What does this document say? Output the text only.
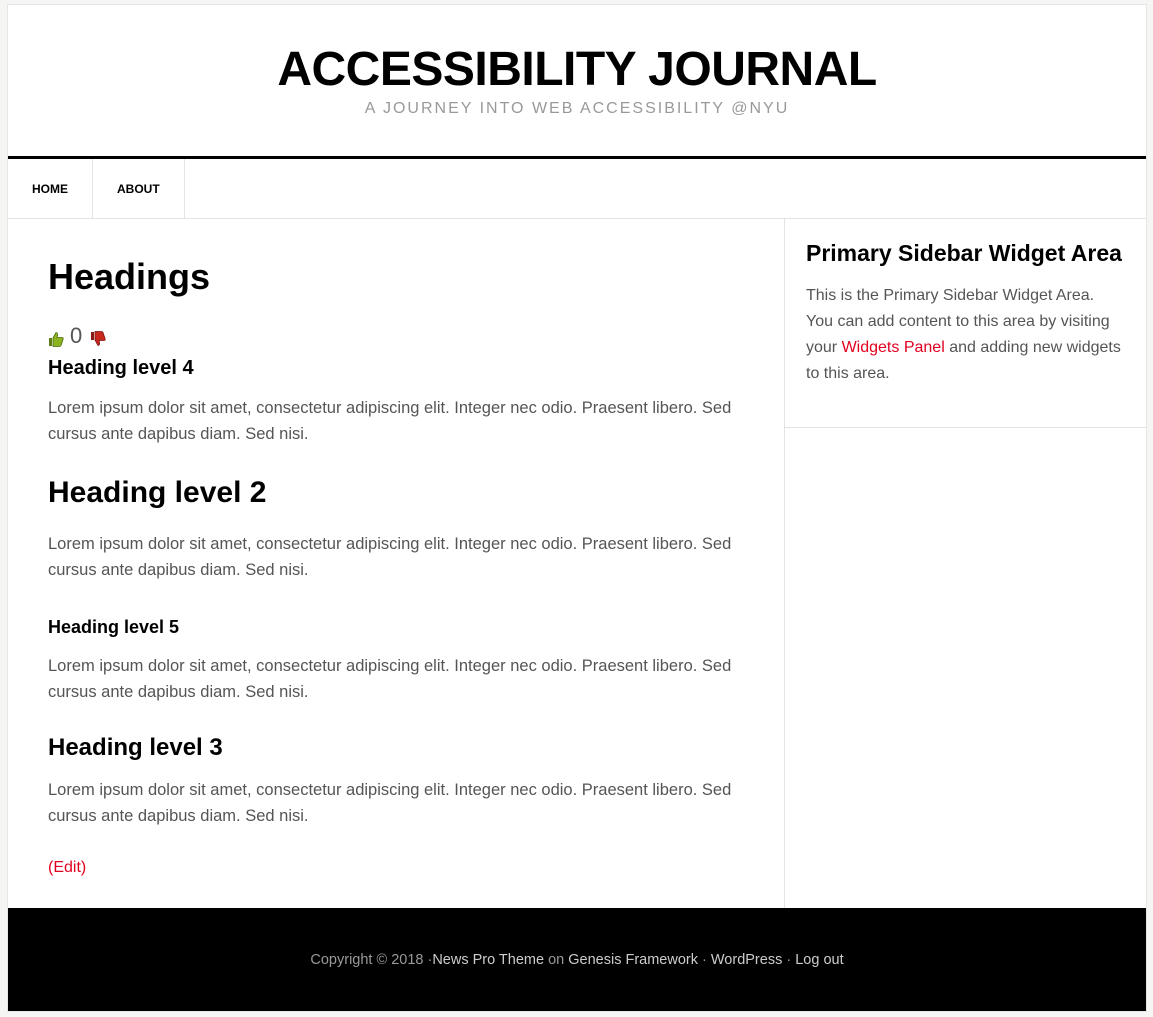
ACCESSIBILITY JOURNAL

A JOURNEY INTO WEB ACCESSIBILITY @NYU

HOME	ABOUT
Headings
0
Heading level 4

Lorem ipsum dolor sit amet, consectetur adipiscing elit. Integer nec odio. Praesent libero. Sed cursus ante dapibus diam. Sed nisi.

Heading level 2

Lorem ipsum dolor sit amet, consectetur adipiscing elit. Integer nec odio. Praesent libero. Sed cursus ante dapibus diam. Sed nisi.

Heading level 5

Lorem ipsum dolor sit amet, consectetur adipiscing elit. Integer nec odio. Praesent libero. Sed cursus ante dapibus diam. Sed nisi.

Heading level 3

Lorem ipsum dolor sit amet, consectetur adipiscing elit. Integer nec odio. Praesent libero. Sed cursus ante dapibus diam. Sed nisi.

(Edit)
Primary Sidebar Widget Area

This is the Primary Sidebar Widget Area. You can add content to this area by visiting your Widgets Panel and adding new widgets to this area.

Copyright © 2018 · News Pro Theme on Genesis Framework · WordPress · Log out
